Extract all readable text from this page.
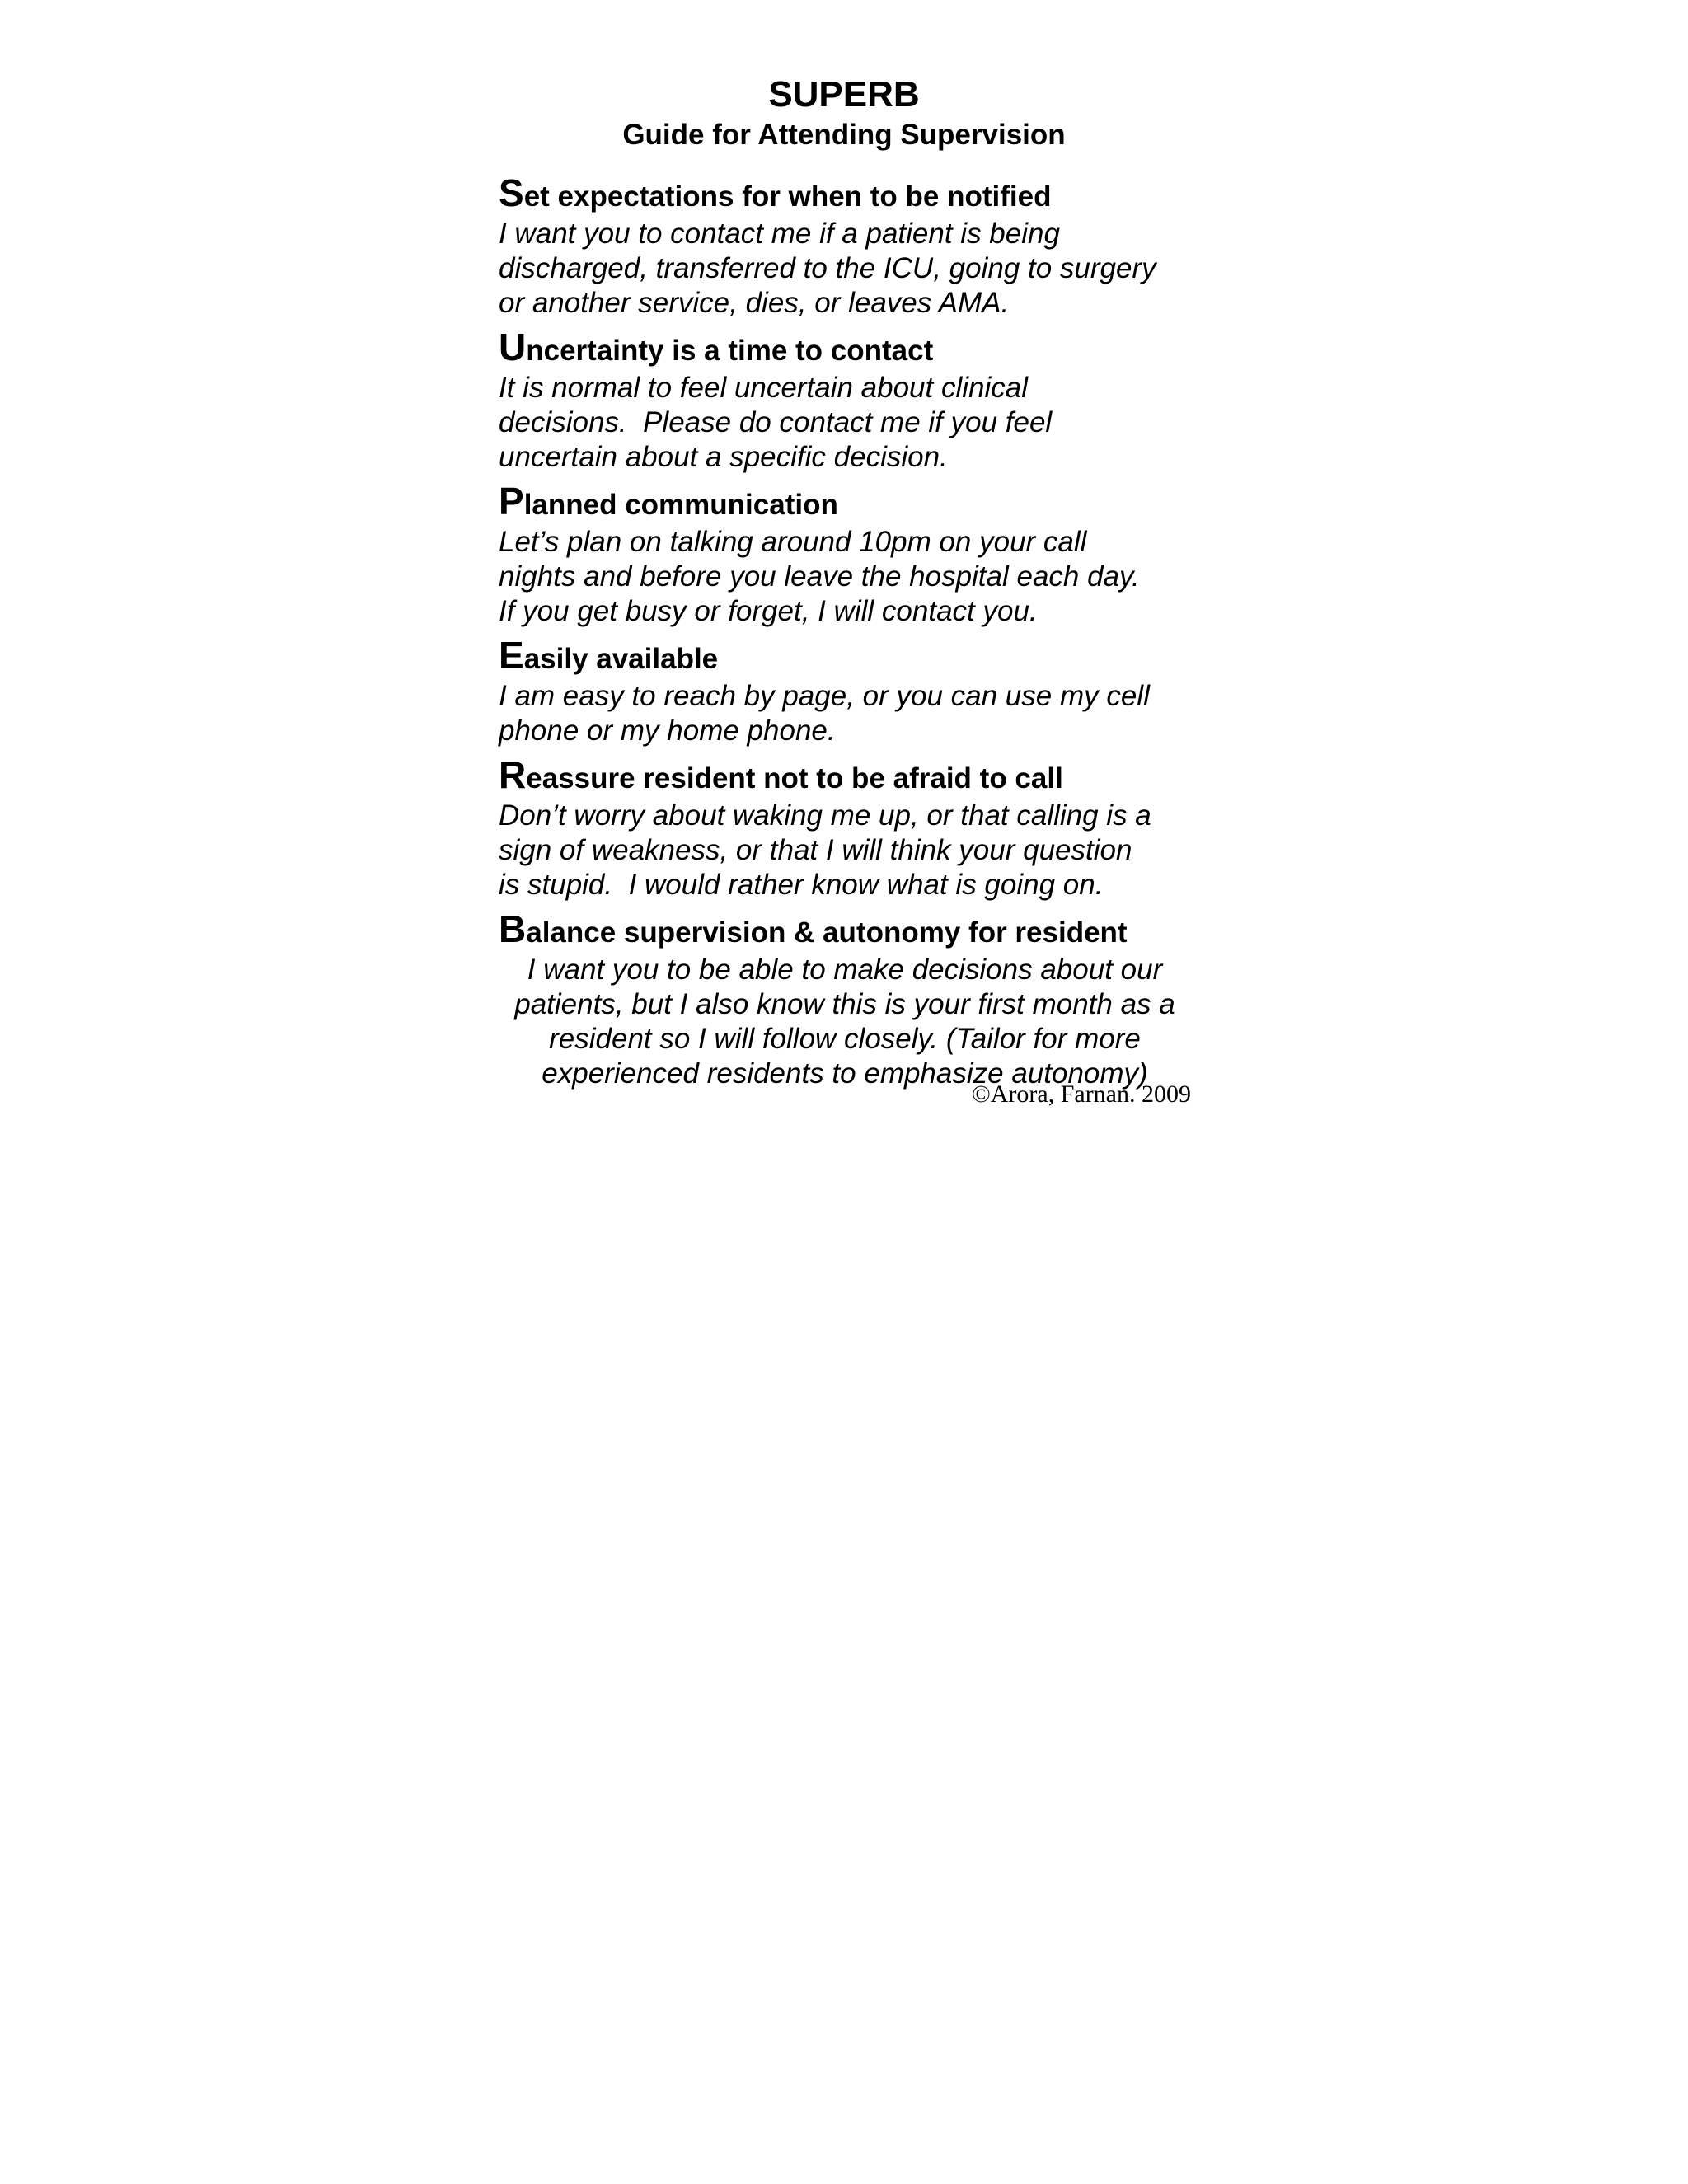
SUPERB
Guide for Attending Supervision
Set expectations for when to be notified
I want you to contact me if a patient is being
discharged, transferred to the ICU, going to surgery
or another service, dies, or leaves AMA.
Uncertainty is a time to contact
It is normal to feel uncertain about clinical
decisions.  Please do contact me if you feel
uncertain about a specific decision.
Planned communication
Let’s plan on talking around 10pm on your call
nights and before you leave the hospital each day.
If you get busy or forget, I will contact you.
Easily available
I am easy to reach by page, or you can use my cell
phone or my home phone.
Reassure resident not to be afraid to call
Don’t worry about waking me up, or that calling is a
sign of weakness, or that I will think your question
is stupid.  I would rather know what is going on.
Balance supervision & autonomy for resident
I want you to be able to make decisions about our
patients, but I also know this is your first month as a
resident so I will follow closely. (Tailor for more
experienced residents to emphasize autonomy)
©Arora, Farnan. 2009
